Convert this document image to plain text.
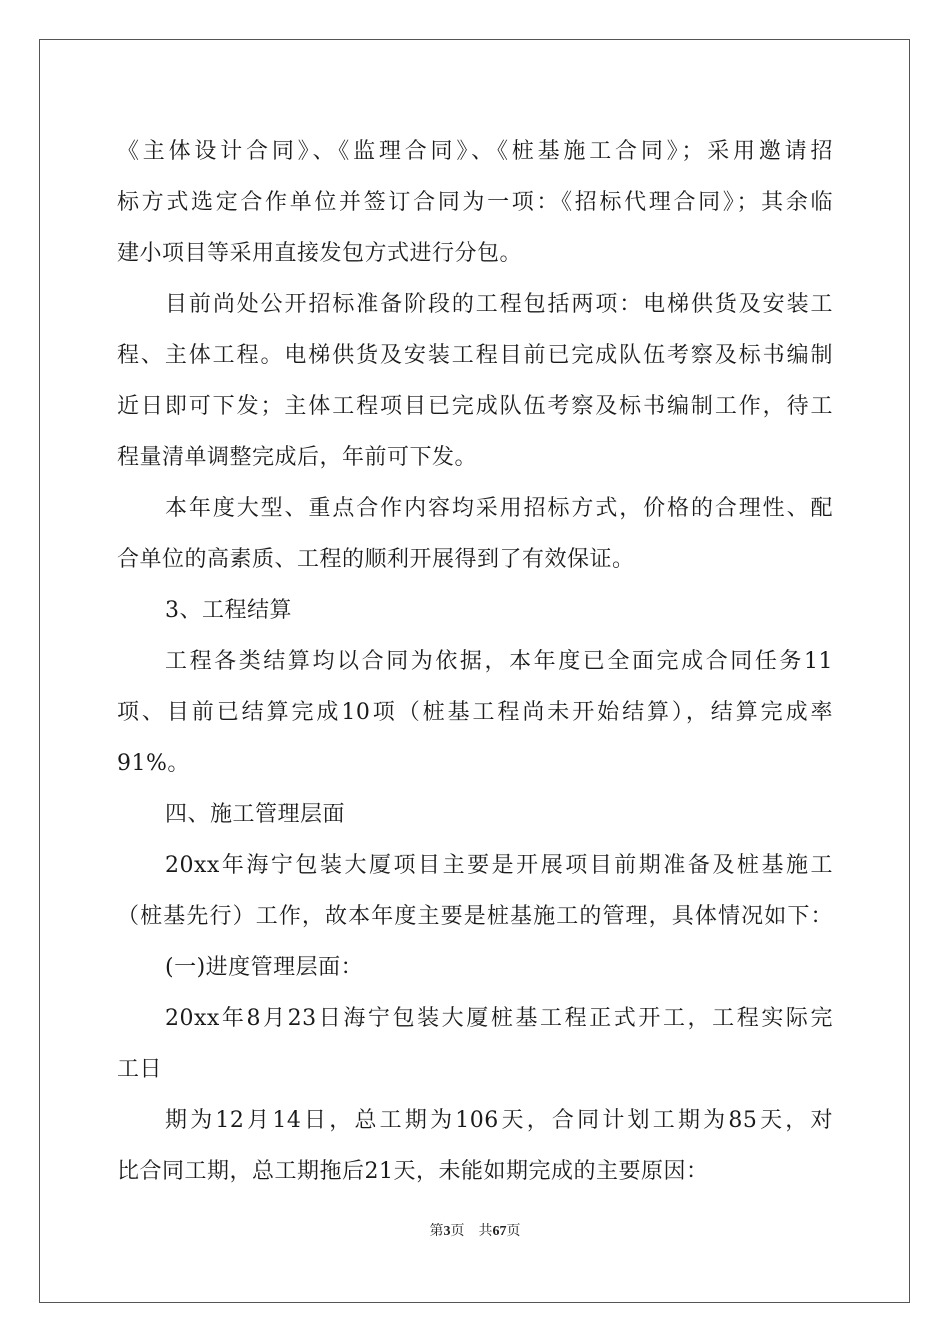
《主体设计合同》、《监理合同》、《桩基施工合同》；采用邀请招
标方式选定合作单位并签订合同为一项：《招标代理合同》；其余临
建小项目等采用直接发包方式进行分包。
目前尚处公开招标准备阶段的工程包括两项：电梯供货及安装工
程、主体工程。电梯供货及安装工程目前已完成队伍考察及标书编制
近日即可下发；主体工程项目已完成队伍考察及标书编制工作，待工
程量清单调整完成后，年前可下发。
本年度大型、重点合作内容均采用招标方式，价格的合理性、配
合单位的高素质、工程的顺利开展得到了有效保证。
3、工程结算
工程各类结算均以合同为依据，本年度已全面完成合同任务11
项、目前已结算完成10项（桩基工程尚未开始结算），结算完成率
91%。
四、施工管理层面
20xx年海宁包装大厦项目主要是开展项目前期准备及桩基施工
（桩基先行）工作，故本年度主要是桩基施工的管理，具体情况如下：
(一)进度管理层面：
20xx年8月23日海宁包装大厦桩基工程正式开工，工程实际完
工日
期为12月14日，总工期为106天，合同计划工期为85天，对
比合同工期，总工期拖后21天，未能如期完成的主要原因：
第3页 共67页
